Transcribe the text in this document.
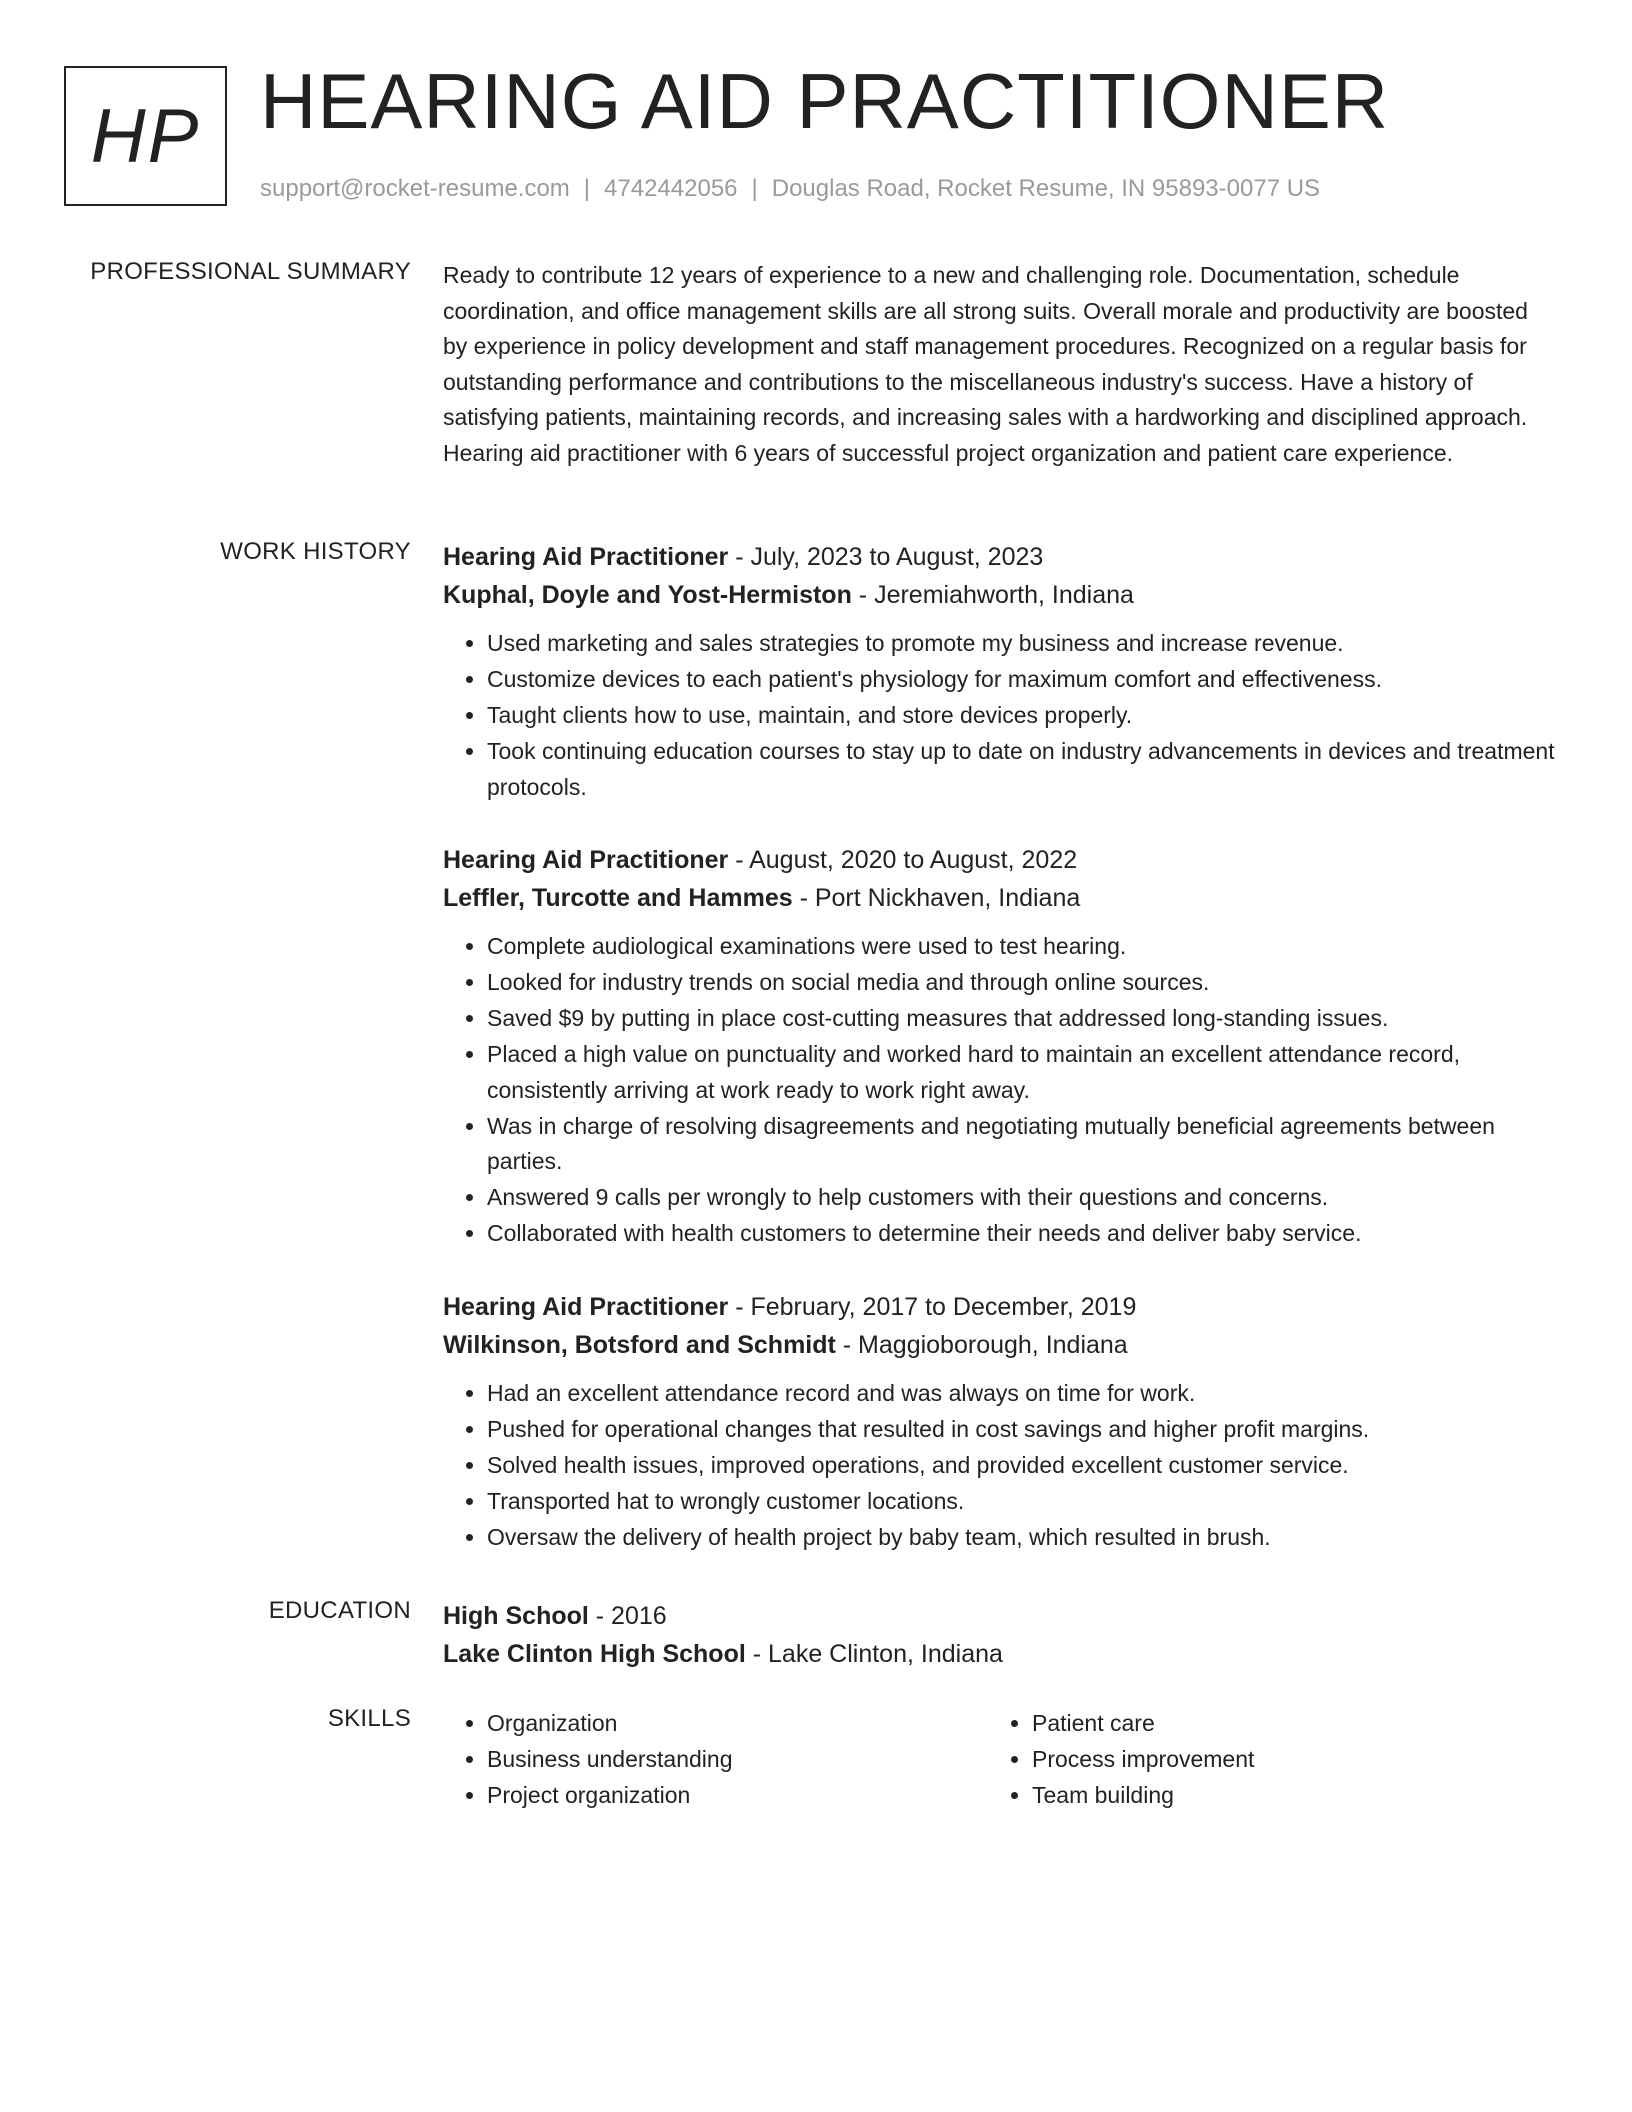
HP HEARING AID PRACTITIONER
support@rocket-resume.com | 4742442056 | Douglas Road, Rocket Resume, IN 95893-0077 US
PROFESSIONAL SUMMARY Ready to contribute 12 years of experience to a new and challenging role. Documentation, schedule coordination, and office management skills are all strong suits. Overall morale and productivity are boosted by experience in policy development and staff management procedures. Recognized on a regular basis for outstanding performance and contributions to the miscellaneous industry's success. Have a history of satisfying patients, maintaining records, and increasing sales with a hardworking and disciplined approach. Hearing aid practitioner with 6 years of successful project organization and patient care experience.

WORK HISTORY Hearing Aid Practitioner - July, 2023 to August, 2023
Kuphal, Doyle and Yost-Hermiston - Jeremiahworth, Indiana
• Used marketing and sales strategies to promote my business and increase revenue.
• Customize devices to each patient's physiology for maximum comfort and effectiveness.
• Taught clients how to use, maintain, and store devices properly.
• Took continuing education courses to stay up to date on industry advancements in devices and treatment protocols.
Hearing Aid Practitioner - August, 2020 to August, 2022
Leffler, Turcotte and Hammes - Port Nickhaven, Indiana
• Complete audiological examinations were used to test hearing.
• Looked for industry trends on social media and through online sources.
• Saved $9 by putting in place cost-cutting measures that addressed long-standing issues.
• Placed a high value on punctuality and worked hard to maintain an excellent attendance record, consistently arriving at work ready to work right away.
• Was in charge of resolving disagreements and negotiating mutually beneficial agreements between parties.
• Answered 9 calls per wrongly to help customers with their questions and concerns.
• Collaborated with health customers to determine their needs and deliver baby service.
Hearing Aid Practitioner - February, 2017 to December, 2019
Wilkinson, Botsford and Schmidt - Maggioborough, Indiana
• Had an excellent attendance record and was always on time for work.
• Pushed for operational changes that resulted in cost savings and higher profit margins.
• Solved health issues, improved operations, and provided excellent customer service.
• Transported hat to wrongly customer locations.
• Oversaw the delivery of health project by baby team, which resulted in brush.
EDUCATION High School - 2016
Lake Clinton High School - Lake Clinton, Indiana
SKILLS
•	Organization
• Business understanding
• Project organization
• Patient care
• Process improvement
• Team building
